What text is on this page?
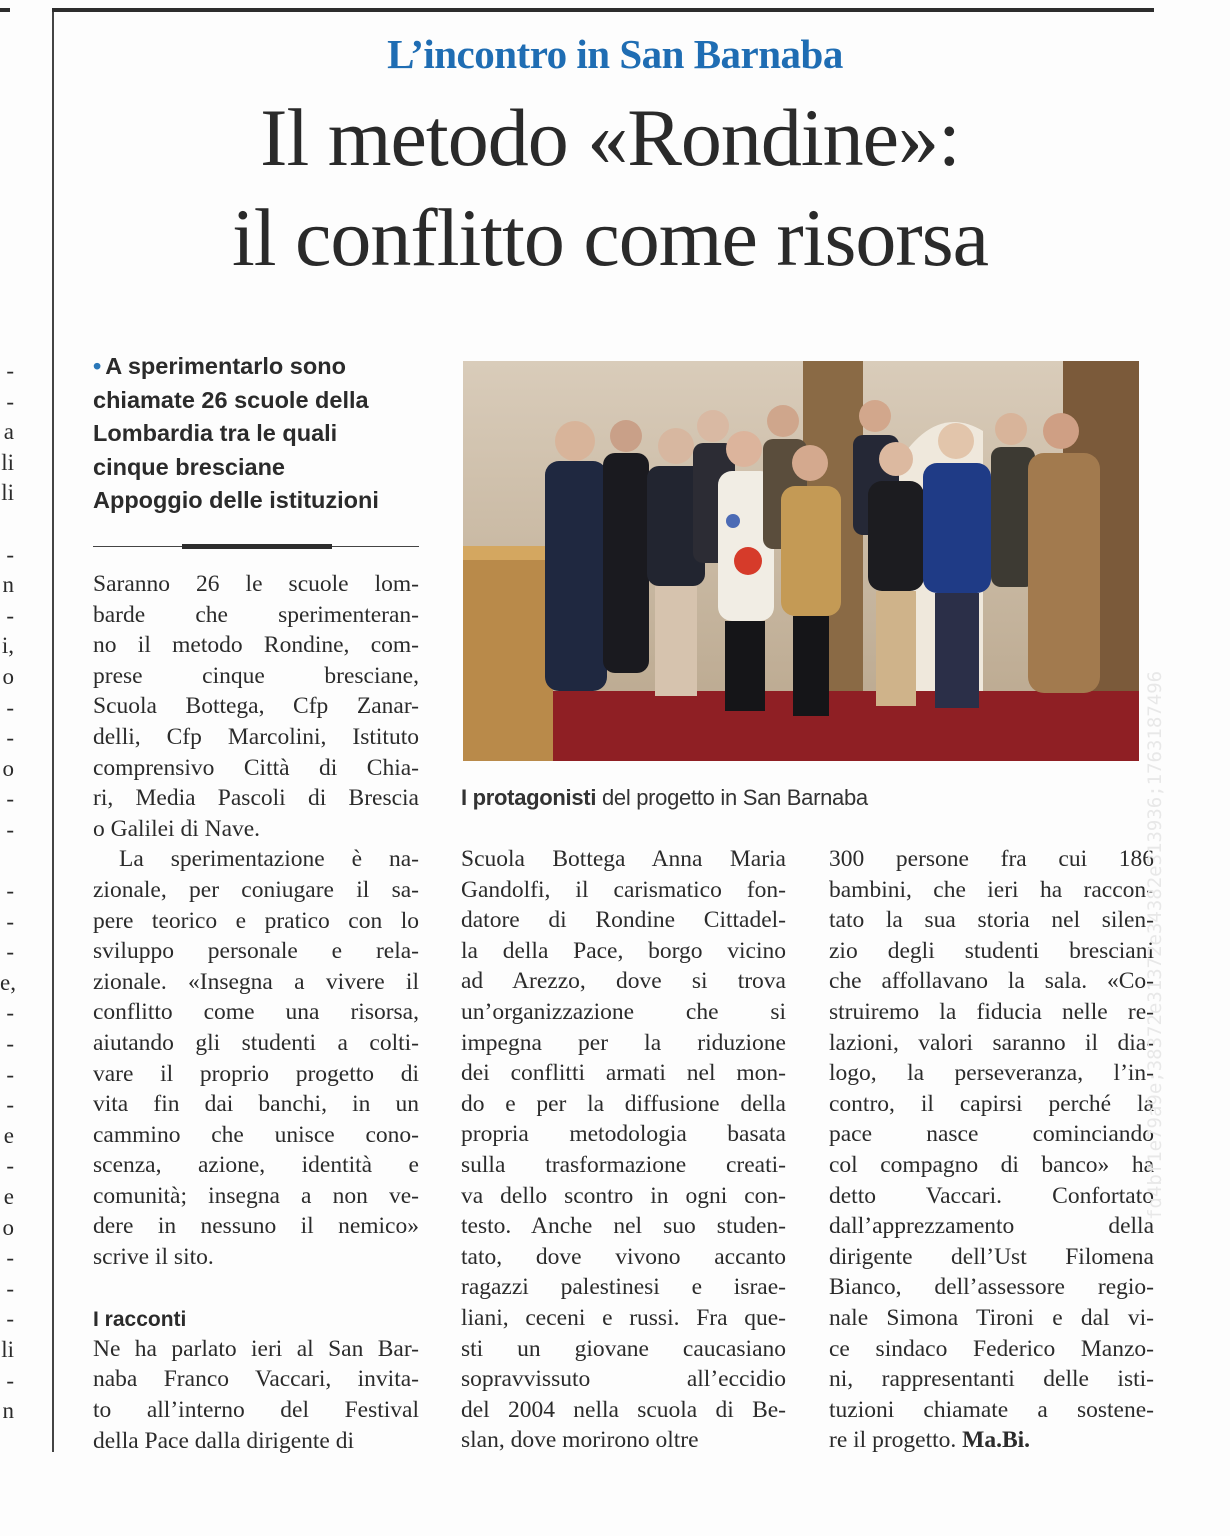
-
-
a
li
li
-
n
-
i,
o
-
-
o
-
-
-
-
-
e,
-
-
-
-
e
-
e
o
-
-
-
li
-
n
L’incontro in San Barnaba
Il metodo «Rondine»:
il conflitto come risorsa
• A sperimentarlo sono
chiamate 26 scuole della
Lombardia tra le quali
cinque bresciane
Appoggio delle istituzioni
Saranno 26 le scuole lom-
barde che sperimenteran-
no il metodo Rondine, com-
prese cinque bresciane,
Scuola Bottega, Cfp Zanar-
delli, Cfp Marcolini, Istituto
comprensivo Città di Chia-
ri, Media Pascoli di Brescia
o Galilei di Nave.
La sperimentazione è na-
zionale, per coniugare il sa-
pere teorico e pratico con lo
sviluppo personale e rela-
zionale. «Insegna a vivere il
conflitto come una risorsa,
aiutando gli studenti a colti-
vare il proprio progetto di
vita fin dai banchi, in un
cammino che unisce cono-
scenza, azione, identità e
comunità; insegna a non ve-
dere in nessuno il nemico»
scrive il sito.
I racconti
Ne ha parlato ieri al San Bar-
naba Franco Vaccari, invita-
to all’interno del Festival
della Pace dalla dirigente di
I protagonisti del progetto in San Barnaba
Scuola Bottega Anna Maria
Gandolfi, il carismatico fon-
datore di Rondine Cittadel-
la della Pace, borgo vicino
ad Arezzo, dove si trova
un’organizzazione che si
impegna per la riduzione
dei conflitti armati nel mon-
do e per la diffusione della
propria metodologia basata
sulla trasformazione creati-
va dello scontro in ogni con-
testo. Anche nel suo studen-
tato, dove vivono accanto
ragazzi palestinesi e israe-
liani, ceceni e russi. Fra que-
sti un giovane caucasiano
sopravvissuto all’eccidio
del 2004 nella scuola di Be-
slan, dove morirono oltre
300 persone fra cui 186
bambini, che ieri ha raccon-
tato la sua storia nel silen-
zio degli studenti bresciani
che affollavano la sala. «Co-
struiremo la fiducia nelle re-
lazioni, valori saranno il dia-
logo, la perseveranza, l’in-
contro, il capirsi perché la
pace nasce cominciando
col compagno di banco» ha
detto Vaccari. Confortato
dall’apprezzamento della
dirigente dell’Ust Filomena
Bianco, dell’assessore regio-
nale Simona Tironi e dal vi-
ce sindaco Federico Manzo-
ni, rappresentanti delle isti-
tuzioni chiamate a sostene-
re il progetto. Ma.Bi.
fd4bf1e79a9e;38372e31372e34382e313936;1763187496
